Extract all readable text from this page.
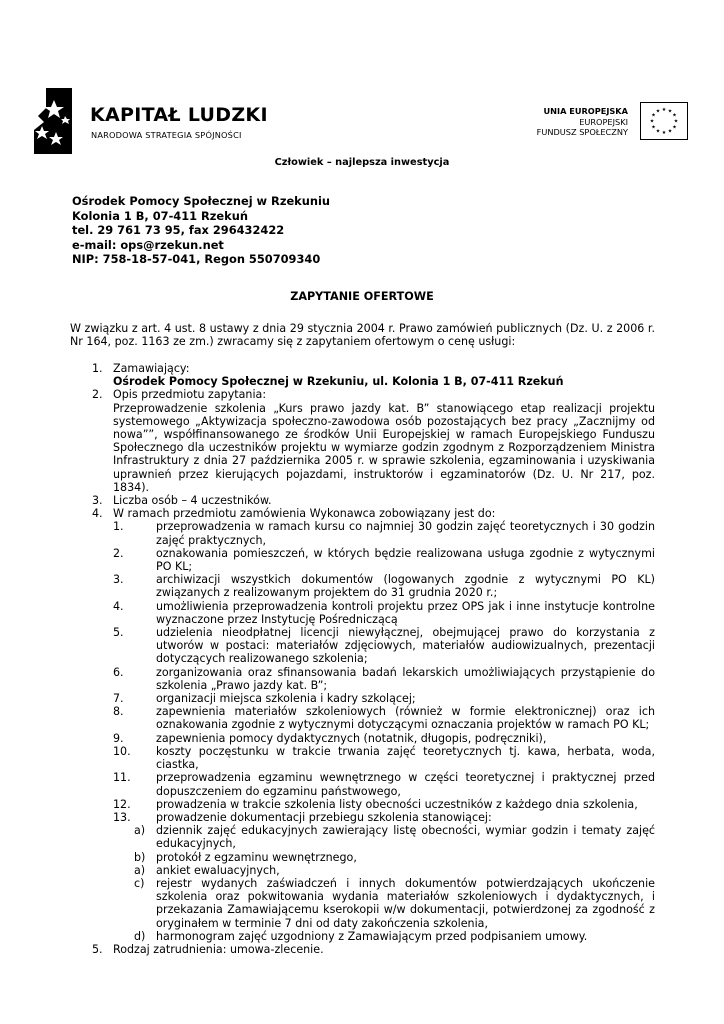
KAPITAŁ LUDZKI
NARODOWA STRATEGIA SPÓJNOŚCI
UNIA EUROPEJSKA
EUROPEJSKI
FUNDUSZ SPOŁECZNY
★ ★
★
★
★
★
★
★
★
★
★
★
Człowiek – najlepsza inwestycja
Ośrodek Pomocy Społecznej w Rzekuniu
Kolonia 1 B, 07-411 Rzekuń
tel. 29 761 73 95, fax 296432422
e-mail: ops@rzekun.net
NIP: 758-18-57-041, Regon 550709340
ZAPYTANIE OFERTOWE
W związku z art. 4 ust. 8 ustawy z dnia 29 stycznia 2004 r. Prawo zamówień publicznych (Dz. U. z 2006 r. Nr 164, poz. 1163 ze zm.) zwracamy się z zapytaniem ofertowym o cenę usługi:
1. Zamawiający:
Ośrodek Pomocy Społecznej w Rzekuniu, ul. Kolonia 1 B, 07-411 Rzekuń
2. Opis przedmiotu zapytania:
Przeprowadzenie szkolenia „Kurs prawo jazdy kat. B” stanowiącego etap realizacji projektu systemowego „Aktywizacja społeczno-zawodowa osób pozostających bez pracy „Zacznijmy od nowa””, współfinansowanego ze środków Unii Europejskiej w ramach Europejskiego Funduszu Społecznego dla uczestników projektu w wymiarze godzin zgodnym z Rozporządzeniem Ministra Infrastruktury z dnia 27 października 2005 r. w sprawie szkolenia, egzaminowania i uzyskiwania uprawnień przez kierujących pojazdami, instruktorów i egzaminatorów (Dz. U. Nr 217, poz. 1834).
3. Liczba osób – 4 uczestników.
4. W ramach przedmiotu zamówienia Wykonawca zobowiązany jest do:
1.	przeprowadzenia w ramach kursu co najmniej 30 godzin zajęć teoretycznych i 30 godzin zajęć praktycznych,
2.	oznakowania pomieszczeń, w których będzie realizowana usługa zgodnie z wytycznymi PO KL;
3.	archiwizacji wszystkich dokumentów (logowanych zgodnie z wytycznymi PO KL) związanych z realizowanym projektem do 31 grudnia 2020 r.;
4.	umożliwienia przeprowadzenia kontroli projektu przez OPS jak i inne instytucje kontrolne wyznaczone przez Instytucję Pośredniczącą
5.	udzielenia nieodpłatnej licencji niewyłącznej, obejmującej prawo do korzystania z utworów w postaci: materiałów zdjęciowych, materiałów audiowizualnych, prezentacji dotyczących realizowanego szkolenia;
6.	zorganizowania oraz sfinansowania badań lekarskich umożliwiających przystąpienie do szkolenia „Prawo jazdy kat. B”;
7.	organizacji miejsca szkolenia i kadry szkolącej;
8.	zapewnienia materiałów szkoleniowych (również w formie elektronicznej) oraz ich oznakowania zgodnie z wytycznymi dotyczącymi oznaczania projektów w ramach PO KL;
9.	zapewnienia pomocy dydaktycznych (notatnik, długopis, podręczniki),
10. koszty poczęstunku w trakcie trwania zajęć teoretycznych tj. kawa, herbata, woda, ciastka,
11. przeprowadzenia egzaminu wewnętrznego w części teoretycznej i praktycznej przed dopuszczeniem do egzaminu państwowego,
12. prowadzenia w trakcie szkolenia listy obecności uczestników z każdego dnia szkolenia,
13. prowadzenie dokumentacji przebiegu szkolenia stanowiącej:
a) dziennik zajęć edukacyjnych zawierający listę obecności, wymiar godzin i tematy zajęć edukacyjnych,
b) protokół z egzaminu wewnętrznego,
a) ankiet ewaluacyjnych,
c) rejestr wydanych zaświadczeń i innych dokumentów potwierdzających ukończenie szkolenia oraz pokwitowania wydania materiałów szkoleniowych i dydaktycznych, i przekazania Zamawiającemu kserokopii w/w dokumentacji, potwierdzonej za zgodność z oryginałem w terminie 7 dni od daty zakończenia szkolenia,
d) harmonogram zajęć uzgodniony z Zamawiającym przed podpisaniem umowy.
5. Rodzaj zatrudnienia: umowa-zlecenie.
